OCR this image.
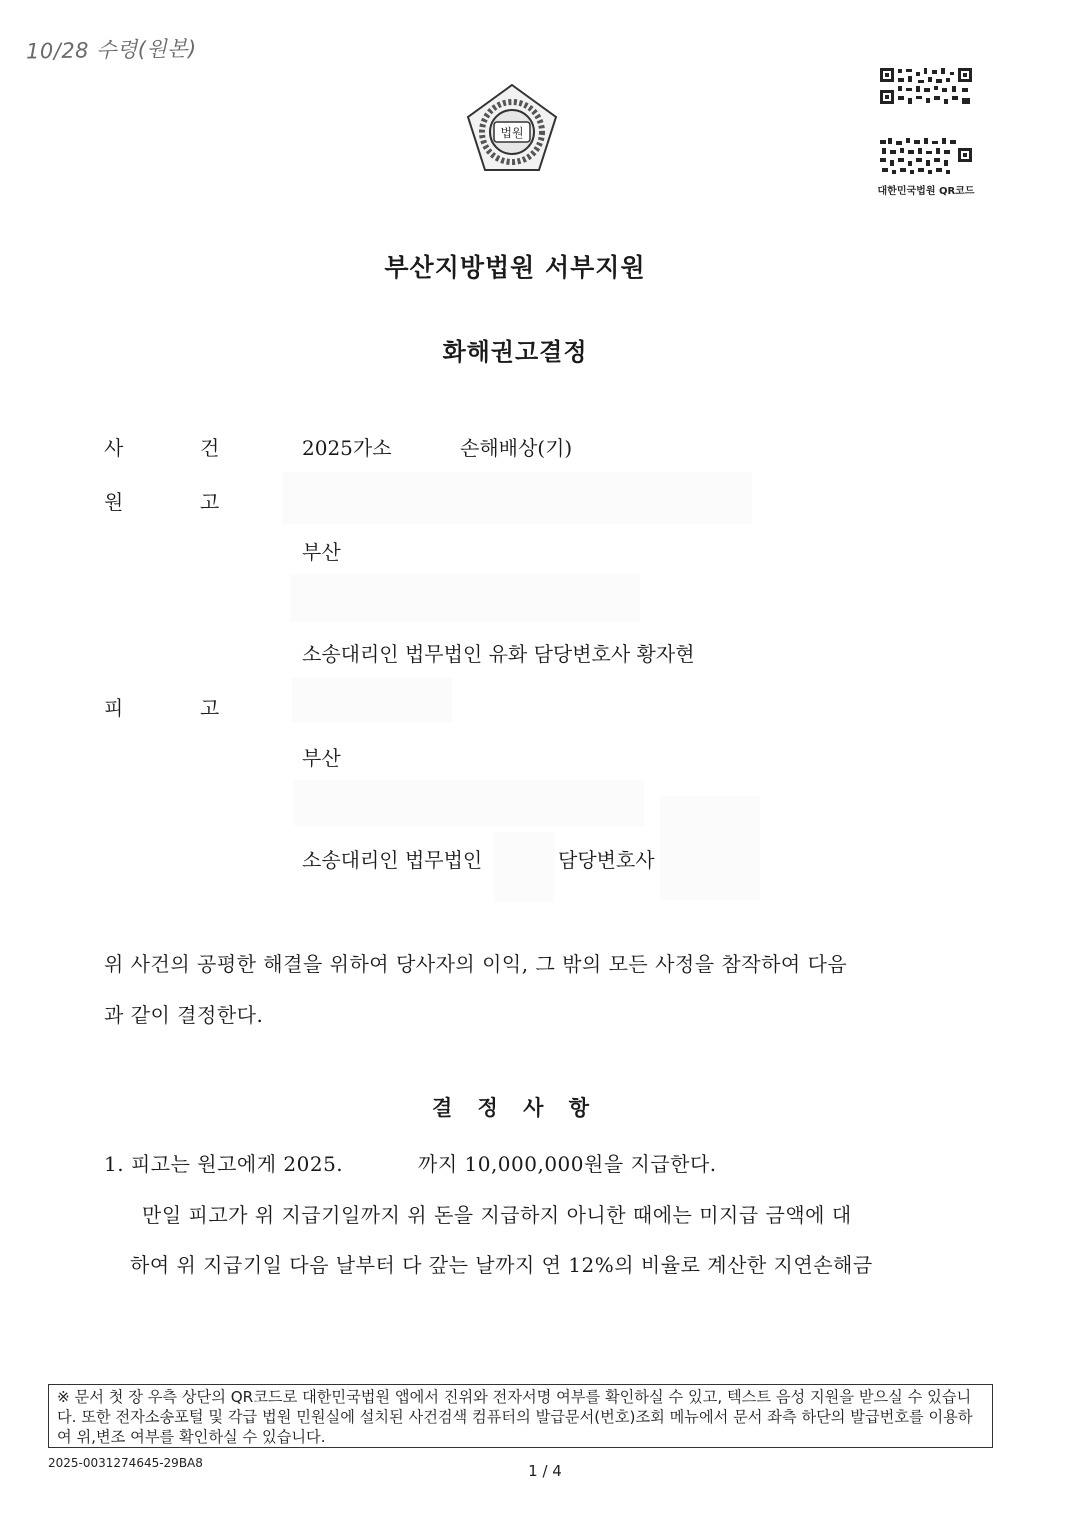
10/28 수령(원본)
법원
대한민국법원 QR코드
부산지방법원 서부지원
화해권고결정
사	건	2025가소	손해배상(기)
원	고
부산
소송대리인 법무법인 유화 담당변호사 황자현
피	고
부산
소송대리인 법무법인	담당변호사
위 사건의 공평한 해결을 위하여 당사자의 이익, 그 밖의 모든 사정을 참작하여 다음
과 같이 결정한다.
결 정 사 항
1. 피고는 원고에게 2025.	까지 10,000,000원을 지급한다.
만일 피고가 위 지급기일까지 위 돈을 지급하지 아니한 때에는 미지급 금액에 대
하여 위 지급기일 다음 날부터 다 갚는 날까지 연 12%의 비율로 계산한 지연손해금
※ 문서 첫 장 우측 상단의 QR코드로 대한민국법원 앱에서 진위와 전자서명 여부를 확인하실 수 있고, 텍스트 음성 지원을 받으실 수 있습니다. 또한 전자소송포털 및 각급 법원 민원실에 설치된 사건검색 컴퓨터의 발급문서(번호)조회 메뉴에서 문서 좌측 하단의 발급번호를 이용하여 위,변조 여부를 확인하실 수 있습니다.
2025-0031274645-29BA8	1 / 4
